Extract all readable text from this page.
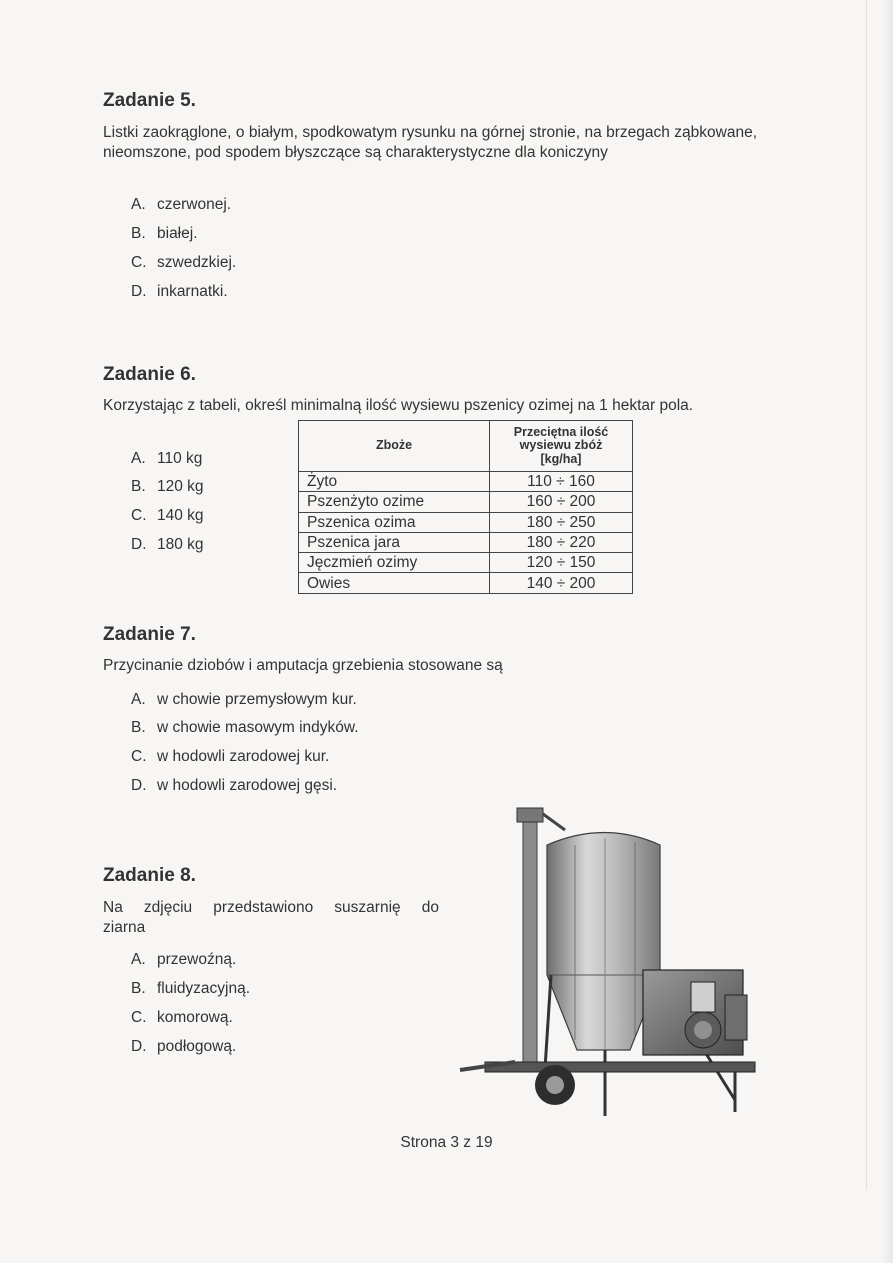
Zadanie 5.

Listki zaokrąglone, o białym, spodkowatym rysunku na górnej stronie, na brzegach ząbkowane, nieomszone, pod spodem błyszczące są charakterystyczne dla koniczyny

A. czerwonej.
B. białej.
C. szwedzkiej.
D. inkarnatki.
Zadanie 6.

Korzystając z tabeli, określ minimalną ilość wysiewu pszenicy ozimej na 1 hektar pola.

A. 110 kg
B. 120 kg
C. 140 kg
D. 180 kg
Zboże	Przeciętna ilość
wysiewu zbóż
[kg/ha]
Żyto	110 ÷ 160
Pszenżyto ozime	160 ÷ 200
Pszenica ozima	180 ÷ 250
Pszenica jara	180 ÷ 220
Jęczmień ozimy	120 ÷ 150
Owies	140 ÷ 200
Zadanie 7.

Przycinanie dziobów i amputacja grzebienia stosowane są

A. w chowie przemysłowym kur.
B. w chowie masowym indyków.
C. w hodowli zarodowej kur.
D. w hodowli zarodowej gęsi.
Zadanie 8.
Na zdjęciu przedstawiono suszarnię do
ziarna
A. przewoźną.
B. fluidyzacyjną.
C. komorową.
D. podłogową.
Strona 3 z 19
